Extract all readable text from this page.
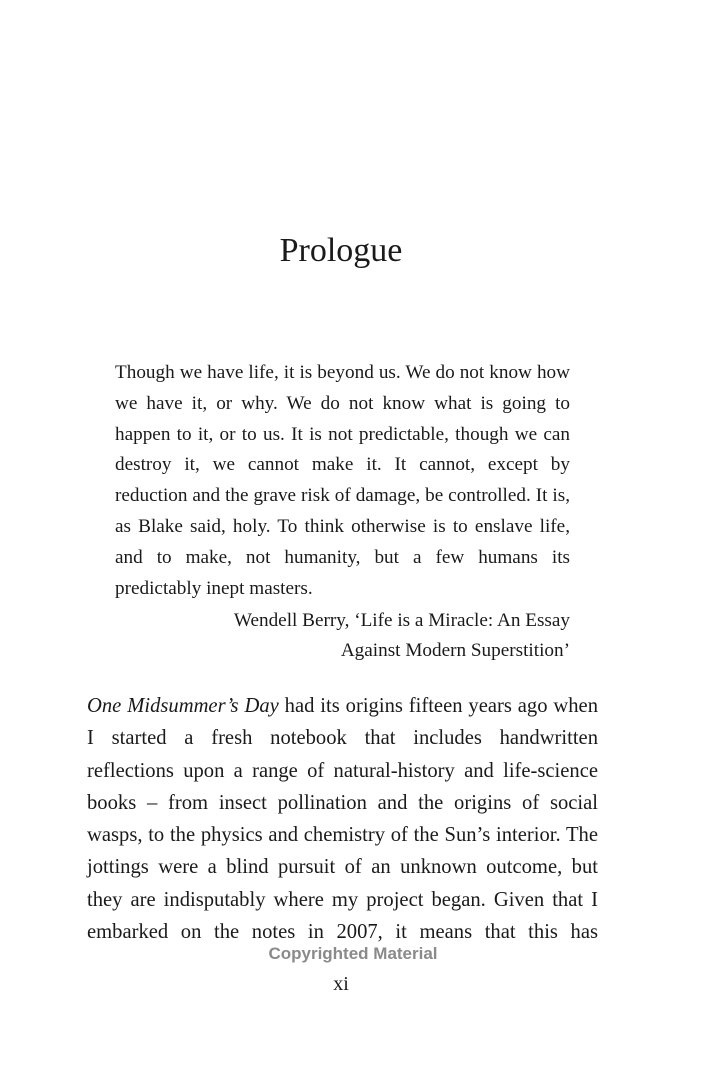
Prologue

Though we have life, it is beyond us. We do not know how we have it, or why. We do not know what is going to happen to it, or to us. It is not predictable, though we can destroy it, we cannot make it. It cannot, except by reduction and the grave risk of damage, be controlled. It is, as Blake said, holy. To think otherwise is to enslave life, and to make, not humanity, but a few humans its predictably inept masters.

Wendell Berry, ‘Life is a Miracle: An Essay
Against Modern Superstition’

One Midsummer’s Day had its origins fifteen years ago when I started a fresh notebook that includes handwritten reflections upon a range of natural-history and life-science books – from insect pollination and the origins of social wasps, to the physics and chemistry of the Sun’s interior. The jottings were a blind pursuit of an unknown outcome, but they are indisputably where my project began. Given that I embarked on the notes in 2007, it means that this has

Copyrighted Material
xi
